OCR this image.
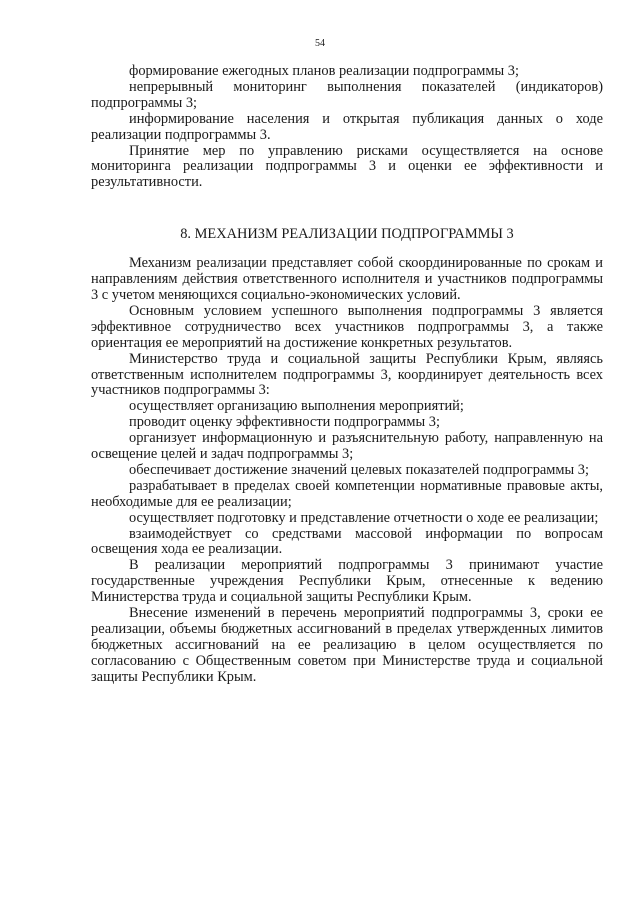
54

формирование ежегодных планов реализации подпрограммы 3;

непрерывный мониторинг выполнения показателей (индикаторов) подпрограммы 3;

информирование населения и открытая публикация данных о ходе реализации подпрограммы 3.

Принятие мер по управлению рисками осуществляется на основе мониторинга реализации подпрограммы 3 и оценки ее эффективности и результативности.

8. МЕХАНИЗМ РЕАЛИЗАЦИИ ПОДПРОГРАММЫ 3

Механизм реализации представляет собой скоординированные по срокам и направлениям действия ответственного исполнителя и участников подпрограммы 3 с учетом меняющихся социально-экономических условий.

Основным условием успешного выполнения подпрограммы 3 является эффективное сотрудничество всех участников подпрограммы 3, а также ориентация ее мероприятий на достижение конкретных результатов.

Министерство труда и социальной защиты Республики Крым, являясь ответственным исполнителем подпрограммы 3, координирует деятельность всех участников подпрограммы 3:

осуществляет организацию выполнения мероприятий;

проводит оценку эффективности подпрограммы 3;

организует информационную и разъяснительную работу, направленную на освещение целей и задач подпрограммы 3;

обеспечивает достижение значений целевых показателей подпрограммы 3;

разрабатывает в пределах своей компетенции нормативные правовые акты, необходимые для ее реализации;

осуществляет подготовку и представление отчетности о ходе ее реализации;

взаимодействует со средствами массовой информации по вопросам освещения хода ее реализации.

В реализации мероприятий подпрограммы 3 принимают участие государственные учреждения Республики Крым, отнесенные к ведению Министерства труда и социальной защиты Республики Крым.

Внесение изменений в перечень мероприятий подпрограммы 3, сроки ее реализации, объемы бюджетных ассигнований в пределах утвержденных лимитов бюджетных ассигнований на ее реализацию в целом осуществляется по согласованию с Общественным советом при Министерстве труда и социальной защиты Республики Крым.
